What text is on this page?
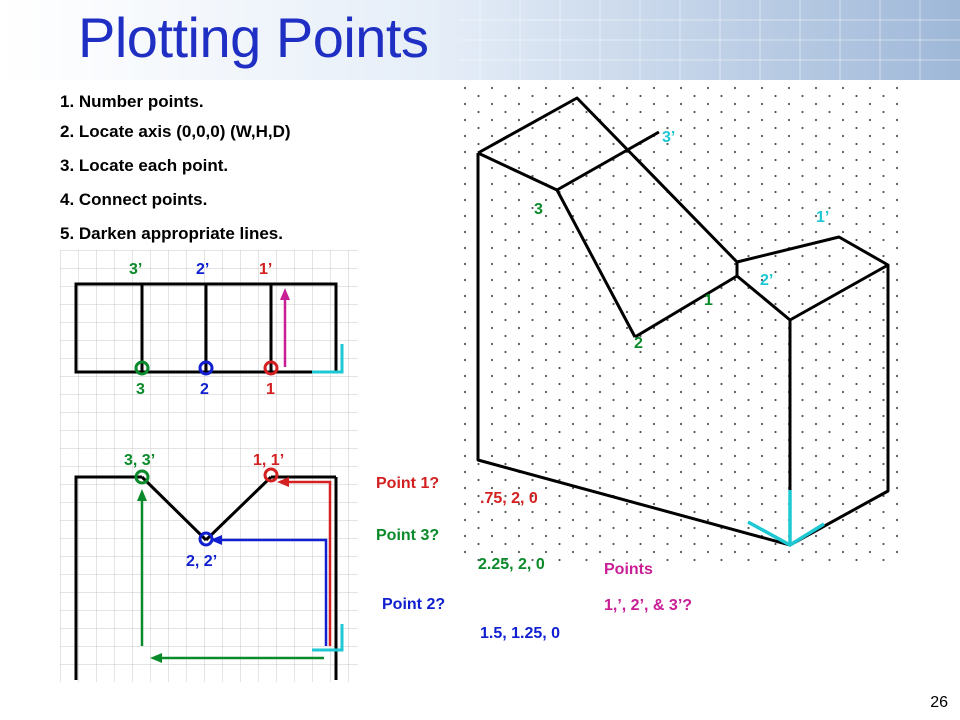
Plotting Points
1. Number points.
2. Locate axis (0,0,0) (W,H,D)
3. Locate each point.
4. Connect points.
5. Darken appropriate lines.
3’	2’	1’
3	2	1
3, 3’	1, 1’
2, 2’
3’
3	1’
2’
1
2
Point 1?
Point 3?
Point 2?
.75, 2, 0
2.25, 2, 0
1.5, 1.25, 0
Points
1,’, 2’, & 3’?
26
